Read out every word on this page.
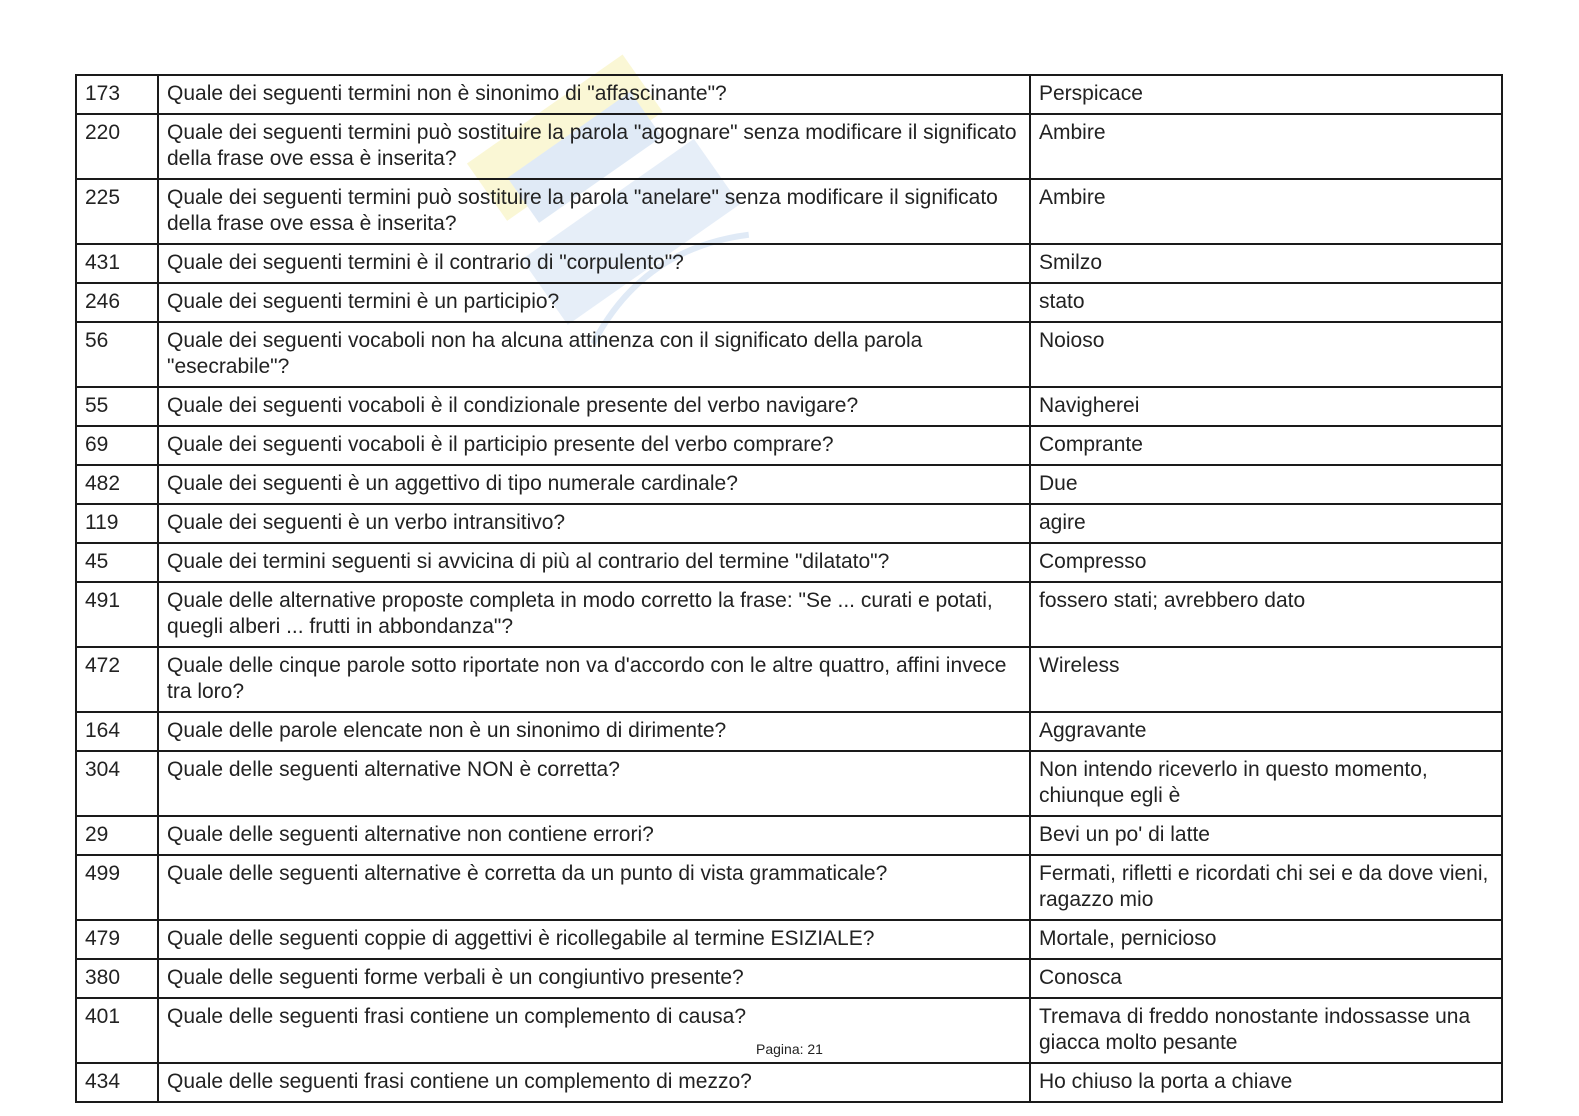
173	Quale dei seguenti termini non è sinonimo di "affascinante"?	Perspicace
220	Quale dei seguenti termini può sostituire la parola "agognare" senza modificare il significato della frase ove essa è inserita?	Ambire
225	Quale dei seguenti termini può sostituire la parola "anelare" senza modificare il significato della frase ove essa è inserita?	Ambire
431	Quale dei seguenti termini è il contrario di "corpulento"?	Smilzo
246	Quale dei seguenti termini è un participio?	stato
56	Quale dei seguenti vocaboli non ha alcuna attinenza con il significato della parola "esecrabile"?	Noioso
55	Quale dei seguenti vocaboli è il condizionale presente del verbo navigare?	Navigherei
69	Quale dei seguenti vocaboli è il participio presente del verbo comprare?	Comprante
482	Quale dei seguenti è un aggettivo di tipo numerale cardinale?	Due
119	Quale dei seguenti è un verbo intransitivo?	agire
45	Quale dei termini seguenti si avvicina di più al contrario del termine "dilatato"?	Compresso
491	Quale delle alternative proposte completa in modo corretto la frase: "Se ... curati e potati, quegli alberi ... frutti in abbondanza"?	fossero stati; avrebbero dato
472	Quale delle cinque parole sotto riportate non va d'accordo con le altre quattro, affini invece tra loro?	Wireless
164	Quale delle parole elencate non è un sinonimo di dirimente?	Aggravante
304	Quale delle seguenti alternative NON è corretta?	Non intendo riceverlo in questo momento, chiunque egli è
29	Quale delle seguenti alternative non contiene errori?	Bevi un po' di latte
499	Quale delle seguenti alternative è corretta da un punto di vista grammaticale?	Fermati, rifletti e ricordati chi sei e da dove vieni, ragazzo mio
479	Quale delle seguenti coppie di aggettivi è ricollegabile al termine ESIZIALE?	Mortale, pernicioso
380	Quale delle seguenti forme verbali è un congiuntivo presente?	Conosca
401	Quale delle seguenti frasi contiene un complemento di causa?	Tremava di freddo nonostante indossasse una giacca molto pesante
434	Quale delle seguenti frasi contiene un complemento di mezzo?	Ho chiuso la porta a chiave
Pagina: 21
